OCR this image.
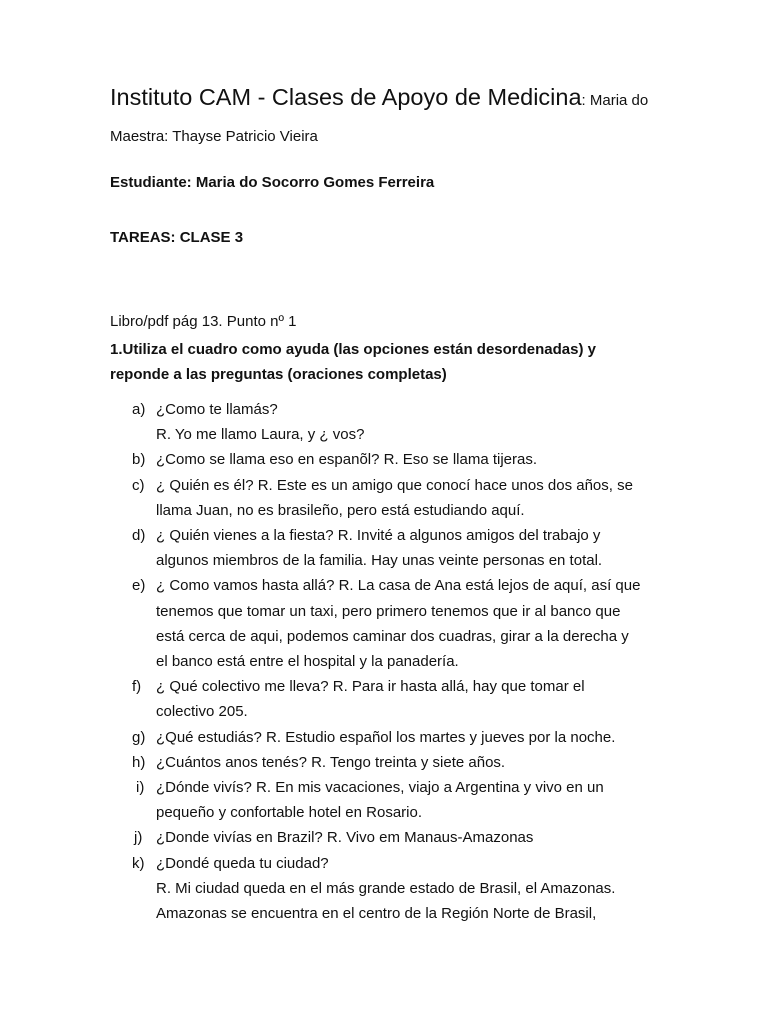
Instituto CAM - Clases de Apoyo de Medicina: Maria do
Maestra: Thayse Patricio Vieira
Estudiante: Maria do Socorro Gomes Ferreira
TAREAS: CLASE 3
Libro/pdf pág 13. Punto nº 1
1.Utiliza el cuadro como ayuda (las opciones están desordenadas) y
reponde a las preguntas (oraciones completas)
a) ¿Como te llamás?
R. Yo me llamo Laura, y ¿ vos?
b) ¿Como se llama eso en espanõl? R. Eso se llama tijeras.
c) ¿ Quién es él? R. Este es un amigo que conocí hace unos dos años, se
llama Juan, no es brasileño, pero está estudiando aquí.
d) ¿ Quién vienes a la fiesta? R. Invité a algunos amigos del trabajo y
algunos miembros de la familia. Hay unas veinte personas en total.
e) ¿ Como vamos hasta allá? R. La casa de Ana está lejos de aquí, así que
tenemos que tomar un taxi, pero primero tenemos que ir al banco que
está cerca de aqui, podemos caminar dos cuadras, girar a la derecha y
el banco está entre el hospital y la panadería.
f) ¿ Qué colectivo me lleva? R. Para ir hasta allá, hay que tomar el
colectivo 205.
g) ¿Qué estudiás? R. Estudio español los martes y jueves por la noche.
h) ¿Cuántos anos tenés? R. Tengo treinta y siete años.
i) ¿Dónde vivís? R. En mis vacaciones, viajo a Argentina y vivo en un
pequeño y confortable hotel en Rosario.
j) ¿Donde vivías en Brazil? R. Vivo em Manaus-Amazonas
k) ¿Dondé queda tu ciudad?
R. Mi ciudad queda en el más grande estado de Brasil, el Amazonas.
Amazonas se encuentra en el centro de la Región Norte de Brasil,
